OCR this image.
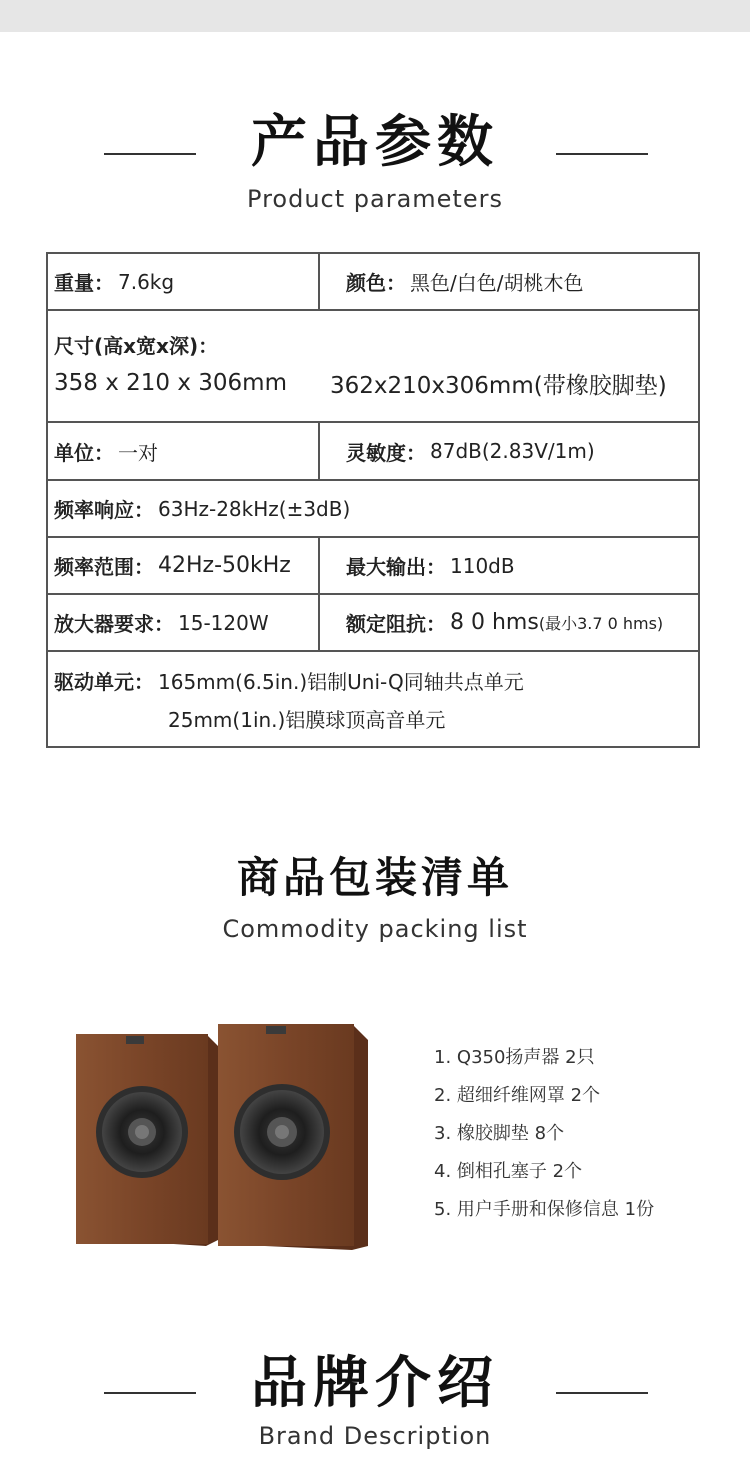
产品参数
Product parameters
重量： 7.6kg	颜色： 黑色/白色/胡桃木色
尺寸(高x宽x深)：
358 x 210 x 306mm	362x210x306mm(带橡胶脚垫)
单位： 一对	灵敏度： 87dB(2.83V/1m)
频率响应： 63Hz-28kHz(±3dB)
频率范围： 42Hz-50kHz	最大输出： 110dB
放大器要求： 15-120W	额定阻抗： 8 0 hms (最小3.7 0 hms)
驱动单元： 165mm(6.5in.)铝制Uni-Q同轴共点单元
25mm(1in.)铝膜球顶高音单元
商品包装清单
Commodity packing list
1. Q350扬声器 2只
2. 超细纤维网罩 2个
3. 橡胶脚垫 8个
4. 倒相孔塞子 2个
5. 用户手册和保修信息 1份
品牌介绍
Brand Description
